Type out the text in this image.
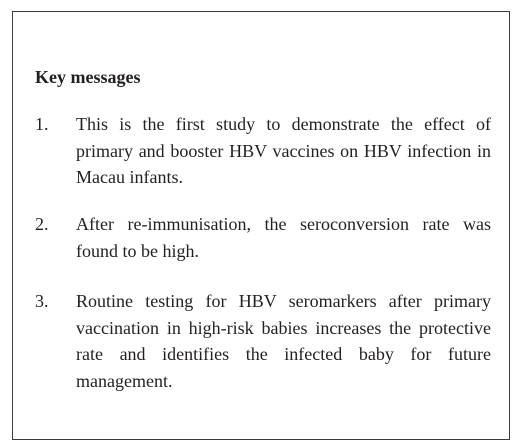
Key messages
1.	This is the first study to demonstrate the effect of primary and booster HBV vaccines on HBV infection in Macau infants.
2.	After re-immunisation, the seroconversion rate was found to be high.
3.	Routine testing for HBV seromarkers after primary vaccination in high-risk babies increases the protective rate and identifies the infected baby for future management.
